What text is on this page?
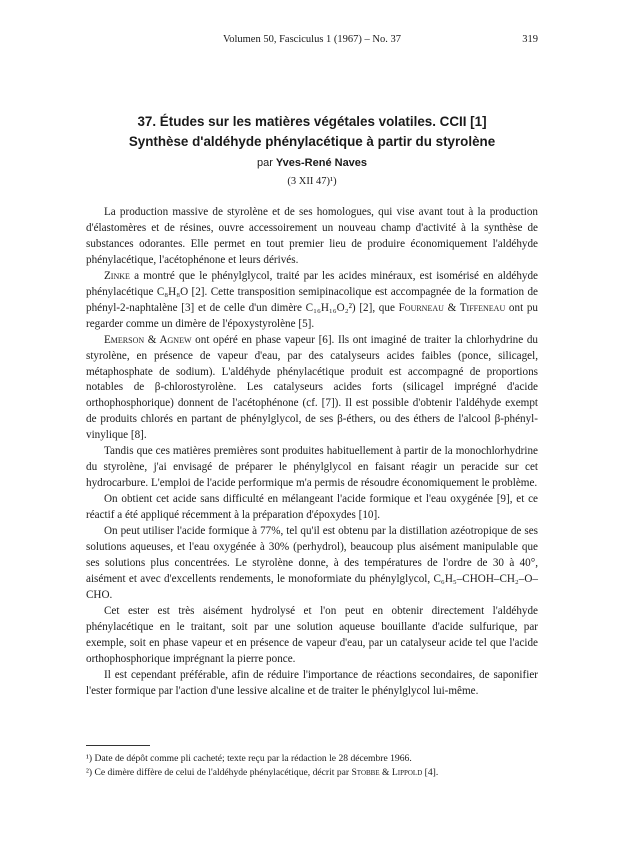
Volumen 50, Fasciculus 1 (1967) – No. 37	319
37. Études sur les matières végétales volatiles. CCII [1]
Synthèse d'aldéhyde phénylacétique à partir du styrolène
par Yves-René Naves
(3 XII 47)¹)

La production massive de styrolène et de ses homologues, qui vise avant tout à la production d'élastomères et de résines, ouvre accessoirement un nouveau champ d'activité à la synthèse de substances odorantes. Elle permet en tout premier lieu de produire économiquement l'aldéhyde phénylacétique, l'acétophénone et leurs dérivés.

Zinke a montré que le phénylglycol, traité par les acides minéraux, est isomérisé en aldéhyde phénylacétique C₈H₈O [2]. Cette transposition semipinacolique est accompagnée de la formation de phényl-2-naphtalène [3] et de celle d'un dimère C₁₆H₁₆O₂²) [2], que Fourneau & Tiffeneau ont pu regarder comme un dimère de l'époxystyrolène [5].

Emerson & Agnew ont opéré en phase vapeur [6]. Ils ont imaginé de traiter la chlorhydrine du styrolène, en présence de vapeur d'eau, par des catalyseurs acides faibles (ponce, silicagel, métaphosphate de sodium). L'aldéhyde phénylacétique produit est accompagné de proportions notables de β-chlorostyrolène. Les catalyseurs acides forts (silicagel imprégné d'acide orthophosphorique) donnent de l'acétophénone (cf. [7]). Il est possible d'obtenir l'aldéhyde exempt de produits chlorés en partant de phénylglycol, de ses β-éthers, ou des éthers de l'alcool β-phényl-vinylique [8].

Tandis que ces matières premières sont produites habituellement à partir de la monochlorhydrine du styrolène, j'ai envisagé de préparer le phénylglycol en faisant réagir un peracide sur cet hydrocarbure. L'emploi de l'acide performique m'a permis de résoudre économiquement le problème.

On obtient cet acide sans difficulté en mélangeant l'acide formique et l'eau oxygénée [9], et ce réactif a été appliqué récemment à la préparation d'époxydes [10].

On peut utiliser l'acide formique à 77%, tel qu'il est obtenu par la distillation azéotropique de ses solutions aqueuses, et l'eau oxygénée à 30% (perhydrol), beaucoup plus aisément manipulable que ses solutions plus concentrées. Le styrolène donne, à des températures de l'ordre de 30 à 40°, aisément et avec d'excellents rendements, le monoformiate du phénylglycol, C₆H₅–CHOH–CH₂–O–CHO.

Cet ester est très aisément hydrolysé et l'on peut en obtenir directement l'aldéhyde phénylacétique en le traitant, soit par une solution aqueuse bouillante d'acide sulfurique, par exemple, soit en phase vapeur et en présence de vapeur d'eau, par un catalyseur acide tel que l'acide orthophosphorique imprégnant la pierre ponce.

Il est cependant préférable, afin de réduire l'importance de réactions secondaires, de saponifier l'ester formique par l'action d'une lessive alcaline et de traiter le phénylglycol lui-même.

¹) Date de dépôt comme pli cacheté; texte reçu par la rédaction le 28 décembre 1966.
²) Ce dimère diffère de celui de l'aldéhyde phénylacétique, décrit par Stobbe & Lippold [4].
